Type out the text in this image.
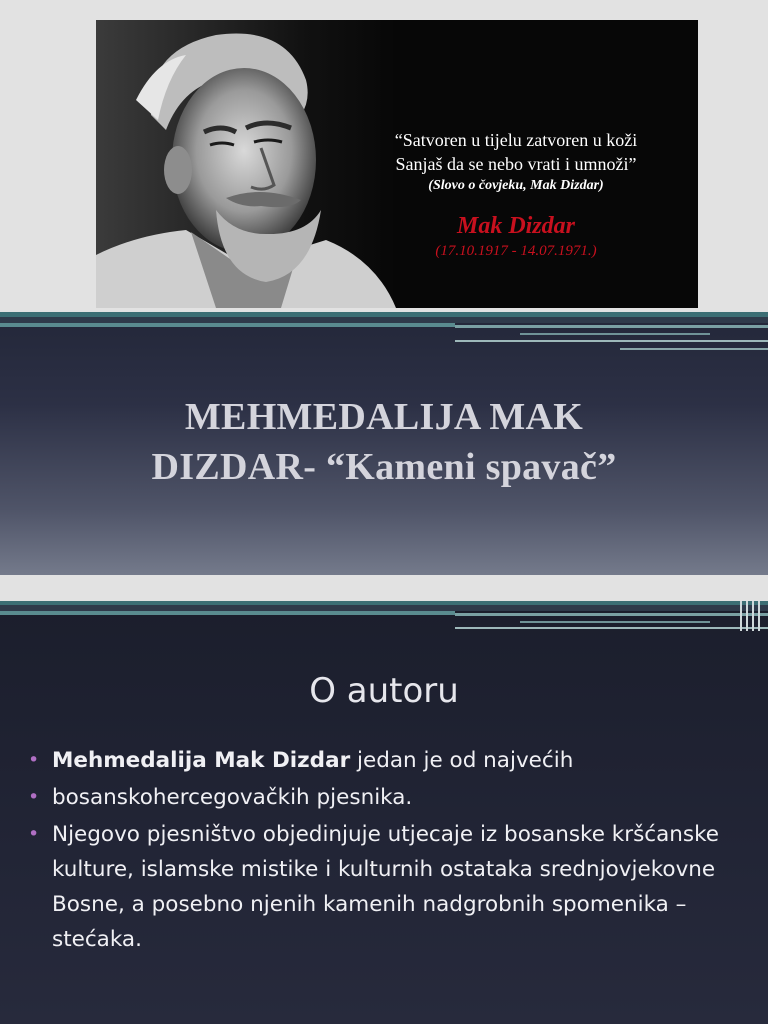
“Satvoren u tijelu zatvoren u koži
Sanjaš da se nebo vrati i umnoži”
(Slovo o čovjeku, Mak Dizdar)
Mak Dizdar
(17.10.1917 - 14.07.1971.)
MEHMEDALIJA MAK
DIZDAR- “Kameni spavač”
O autoru
• Mehmedalija Mak Dizdar jedan je od najvećih
• bosanskohercegovačkih pjesnika.
• Njegovo pjesništvo objedinjuje utjecaje iz bosanske kršćanske kulture, islamske mistike i kulturnih ostataka srednjovjekovne Bosne, a posebno njenih kamenih nadgrobnih spomenika – stećaka.
